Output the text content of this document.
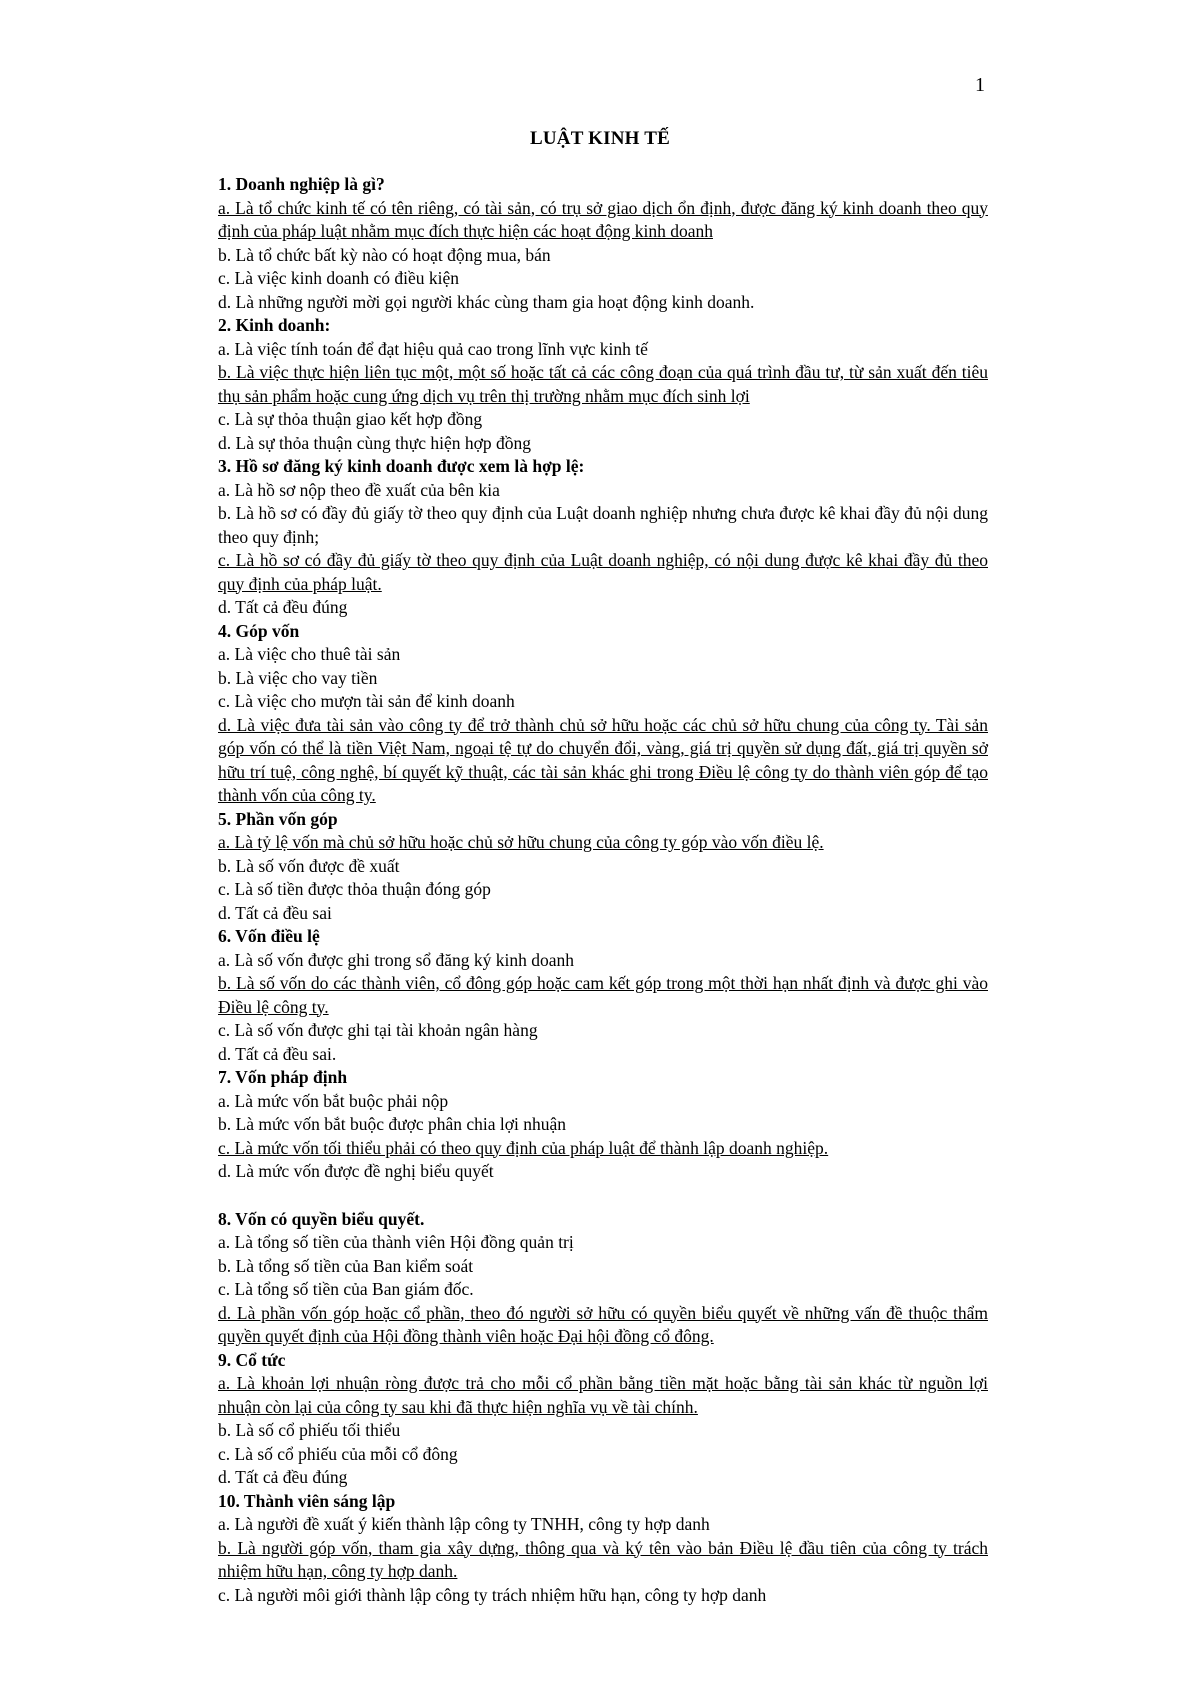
1
LUẬT KINH TẾ
1. Doanh nghiệp là gì?
a. Là tổ chức kinh tế có tên riêng, có tài sản, có trụ sở giao dịch ổn định, được đăng ký kinh doanh theo quy định của pháp luật nhằm mục đích thực hiện các hoạt động kinh doanh
b. Là tổ chức bất kỳ nào có hoạt động mua, bán
c. Là việc kinh doanh có điều kiện
d. Là những người mời gọi người khác cùng tham gia hoạt động kinh doanh.
2. Kinh doanh:
a. Là việc tính toán để đạt hiệu quả cao trong lĩnh vực kinh tế
b. Là việc thực hiện liên tục một, một số hoặc tất cả các công đoạn của quá trình đầu tư, từ sản xuất đến tiêu thụ sản phẩm hoặc cung ứng dịch vụ trên thị trường nhằm mục đích sinh lợi
c. Là sự thỏa thuận giao kết hợp đồng
d. Là sự thỏa thuận cùng thực hiện hợp đồng
3. Hồ sơ đăng ký kinh doanh được xem là hợp lệ:
a. Là hồ sơ nộp theo đề xuất của bên kia
b. Là hồ sơ có đầy đủ giấy tờ theo quy định của Luật doanh nghiệp nhưng chưa được kê khai đầy đủ nội dung theo quy định;
c. Là hồ sơ có đầy đủ giấy tờ theo quy định của Luật doanh nghiệp, có nội dung được kê khai đầy đủ theo quy định của pháp luật.
d. Tất cả đều đúng
4. Góp vốn
a. Là việc cho thuê tài sản
b. Là việc cho vay tiền
c. Là việc cho mượn tài sản để kinh doanh
d. Là việc đưa tài sản vào công ty để trở thành chủ sở hữu hoặc các chủ sở hữu chung của công ty. Tài sản góp vốn có thể là tiền Việt Nam, ngoại tệ tự do chuyển đổi, vàng, giá trị quyền sử dụng đất, giá trị quyền sở hữu trí tuệ, công nghệ, bí quyết kỹ thuật, các tài sản khác ghi trong Điều lệ công ty do thành viên góp để tạo thành vốn của công ty.
5. Phần vốn góp
a. Là tỷ lệ vốn mà chủ sở hữu hoặc chủ sở hữu chung của công ty góp vào vốn điều lệ.
b. Là số vốn được đề xuất
c. Là số tiền được thỏa thuận đóng góp
d. Tất cả đều sai
6. Vốn điều lệ
a. Là số vốn được ghi trong sổ đăng ký kinh doanh
b. Là số vốn do các thành viên, cổ đông góp hoặc cam kết góp trong một thời hạn nhất định và được ghi vào Điều lệ công ty.
c. Là số vốn được ghi tại tài khoản ngân hàng
d. Tất cả đều sai.
7. Vốn pháp định
a. Là mức vốn bắt buộc phải nộp
b. Là mức vốn bắt buộc được phân chia lợi nhuận
c. Là mức vốn tối thiểu phải có theo quy định của pháp luật để thành lập doanh nghiệp.
d. Là mức vốn được đề nghị biểu quyết
8. Vốn có quyền biểu quyết.
a. Là tổng số tiền của thành viên Hội đồng quản trị
b. Là tổng số tiền của Ban kiểm soát
c. Là tổng số tiền của Ban giám đốc.
d. Là phần vốn góp hoặc cổ phần, theo đó người sở hữu có quyền biểu quyết về những vấn đề thuộc thẩm quyền quyết định của Hội đồng thành viên hoặc Đại hội đồng cổ đông.
9. Cổ tức
a. Là khoản lợi nhuận ròng được trả cho mỗi cổ phần bằng tiền mặt hoặc bằng tài sản khác từ nguồn lợi nhuận còn lại của công ty sau khi đã thực hiện nghĩa vụ về tài chính.
b. Là số cổ phiếu tối thiểu
c. Là số cổ phiếu của mỗi cổ đông
d. Tất cả đều đúng
10. Thành viên sáng lập
a. Là người đề xuất ý kiến thành lập công ty TNHH, công ty hợp danh
b. Là người góp vốn, tham gia xây dựng, thông qua và ký tên vào bản Điều lệ đầu tiên của công ty trách nhiệm hữu hạn, công ty hợp danh.
c. Là người môi giới thành lập công ty trách nhiệm hữu hạn, công ty hợp danh
